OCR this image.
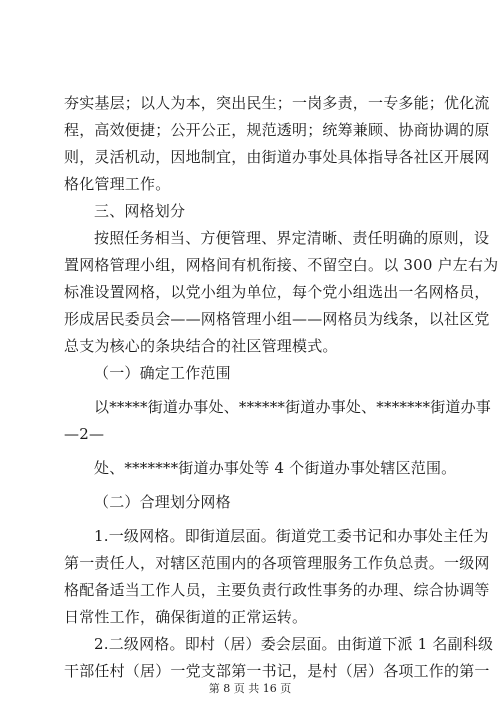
夯实基层；以人为本，突出民生；一岗多责，一专多能；优化流
程，高效便捷；公开公正，规范透明；统筹兼顾、协商协调的原
则，灵活机动，因地制宜，由街道办事处具体指导各社区开展网
格化管理工作。
三、网格划分
按照任务相当、方便管理、界定清晰、责任明确的原则，设
置网格管理小组，网格间有机衔接、不留空白。以 300 户左右为
标准设置网格，以党小组为单位，每个党小组选出一名网格员，
形成居民委员会——网格管理小组——网格员为线条，以社区党
总支为核心的条块结合的社区管理模式。
（一）确定工作范围
以*****街道办事处、******街道办事处、*******街道办事
—2—
处、*******街道办事处等 4 个街道办事处辖区范围。
（二）合理划分网格
1.一级网格。即街道层面。街道党工委书记和办事处主任为
第一责任人，对辖区范围内的各项管理服务工作负总责。一级网
格配备适当工作人员，主要负责行政性事务的办理、综合协调等
日常性工作，确保街道的正常运转。
2.二级网格。即村（居）委会层面。由街道下派 1 名副科级
干部任村（居）一党支部第一书记，是村（居）各项工作的第一
第 8 页 共 16 页
